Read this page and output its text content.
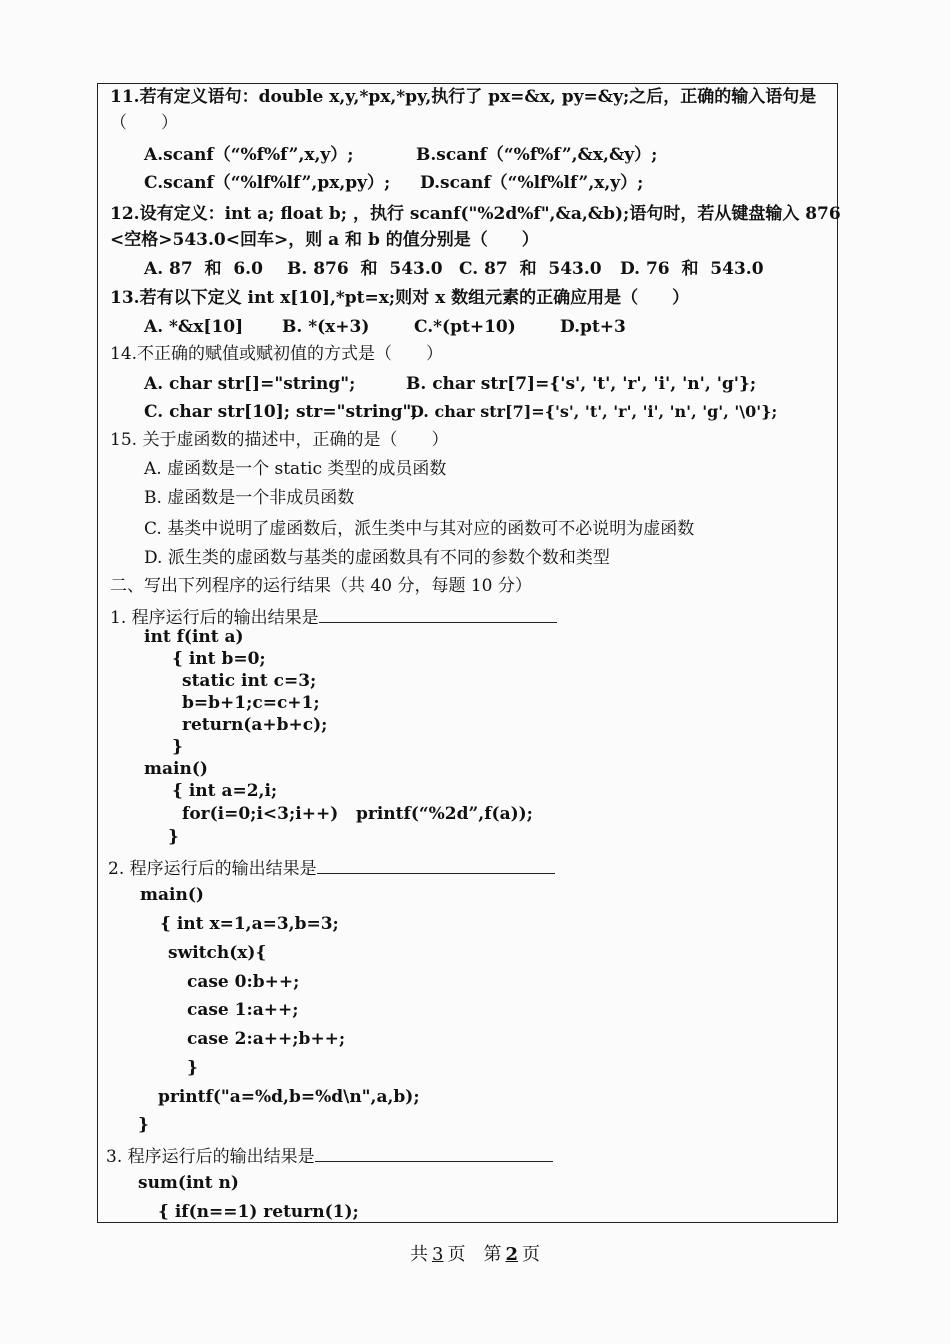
11.若有定义语句：double x,y,*px,*py,执行了 px=&x, py=&y;之后，正确的输入语句是
（　　）
A.scanf（“%f%f”,x,y）;	B.scanf（“%f%f”,&x,&y）;
C.scanf（“%lf%lf”,px,py）; D.scanf（“%lf%lf”,x,y）;
12.设有定义：int a; float b; ，执行 scanf("%2d%f",&a,&b);语句时，若从键盘输入 876
<空格>543.0<回车>，则 a 和 b 的值分别是（　　）
A. 87  和  6.0 B. 876  和  543.0 C. 87  和  543.0 D. 76  和  543.0
13.若有以下定义 int x[10],*pt=x;则对 x 数组元素的正确应用是（　　）
A. *&x[10] B. *(x+3)	C.*(pt+10)	D.pt+3
14.不正确的赋值或赋初值的方式是（　　）
A. char str[]="string";	B. char str[7]={'s', 't', 'r', 'i', 'n', 'g'};
C. char str[10]; str="string";
D. char str[7]={'s', 't', 'r', 'i', 'n', 'g', '\0'};
15. 关于虚函数的描述中，正确的是（　　）
A. 虚函数是一个 static 类型的成员函数
B. 虚函数是一个非成员函数
C. 基类中说明了虚函数后，派生类中与其对应的函数可不必说明为虚函数
D. 派生类的虚函数与基类的虚函数具有不同的参数个数和类型
二、写出下列程序的运行结果（共 40 分，每题 10 分）
1. 程序运行后的输出结果是
int f(int a)
{ int b=0;
static int c=3;
b=b+1;c=c+1;
return(a+b+c);
}
main()
{ int a=2,i;
for(i=0;i<3;i++)   printf(“%2d”,f(a));
}
2. 程序运行后的输出结果是
main()
{ int x=1,a=3,b=3;
switch(x){
case 0:b++;
case 1:a++;
case 2:a++;b++;
}
printf("a=%d,b=%d\n",a,b);
}
3. 程序运行后的输出结果是
sum(int n)
{ if(n==1) return(1);
共 3 页　第 2 页
